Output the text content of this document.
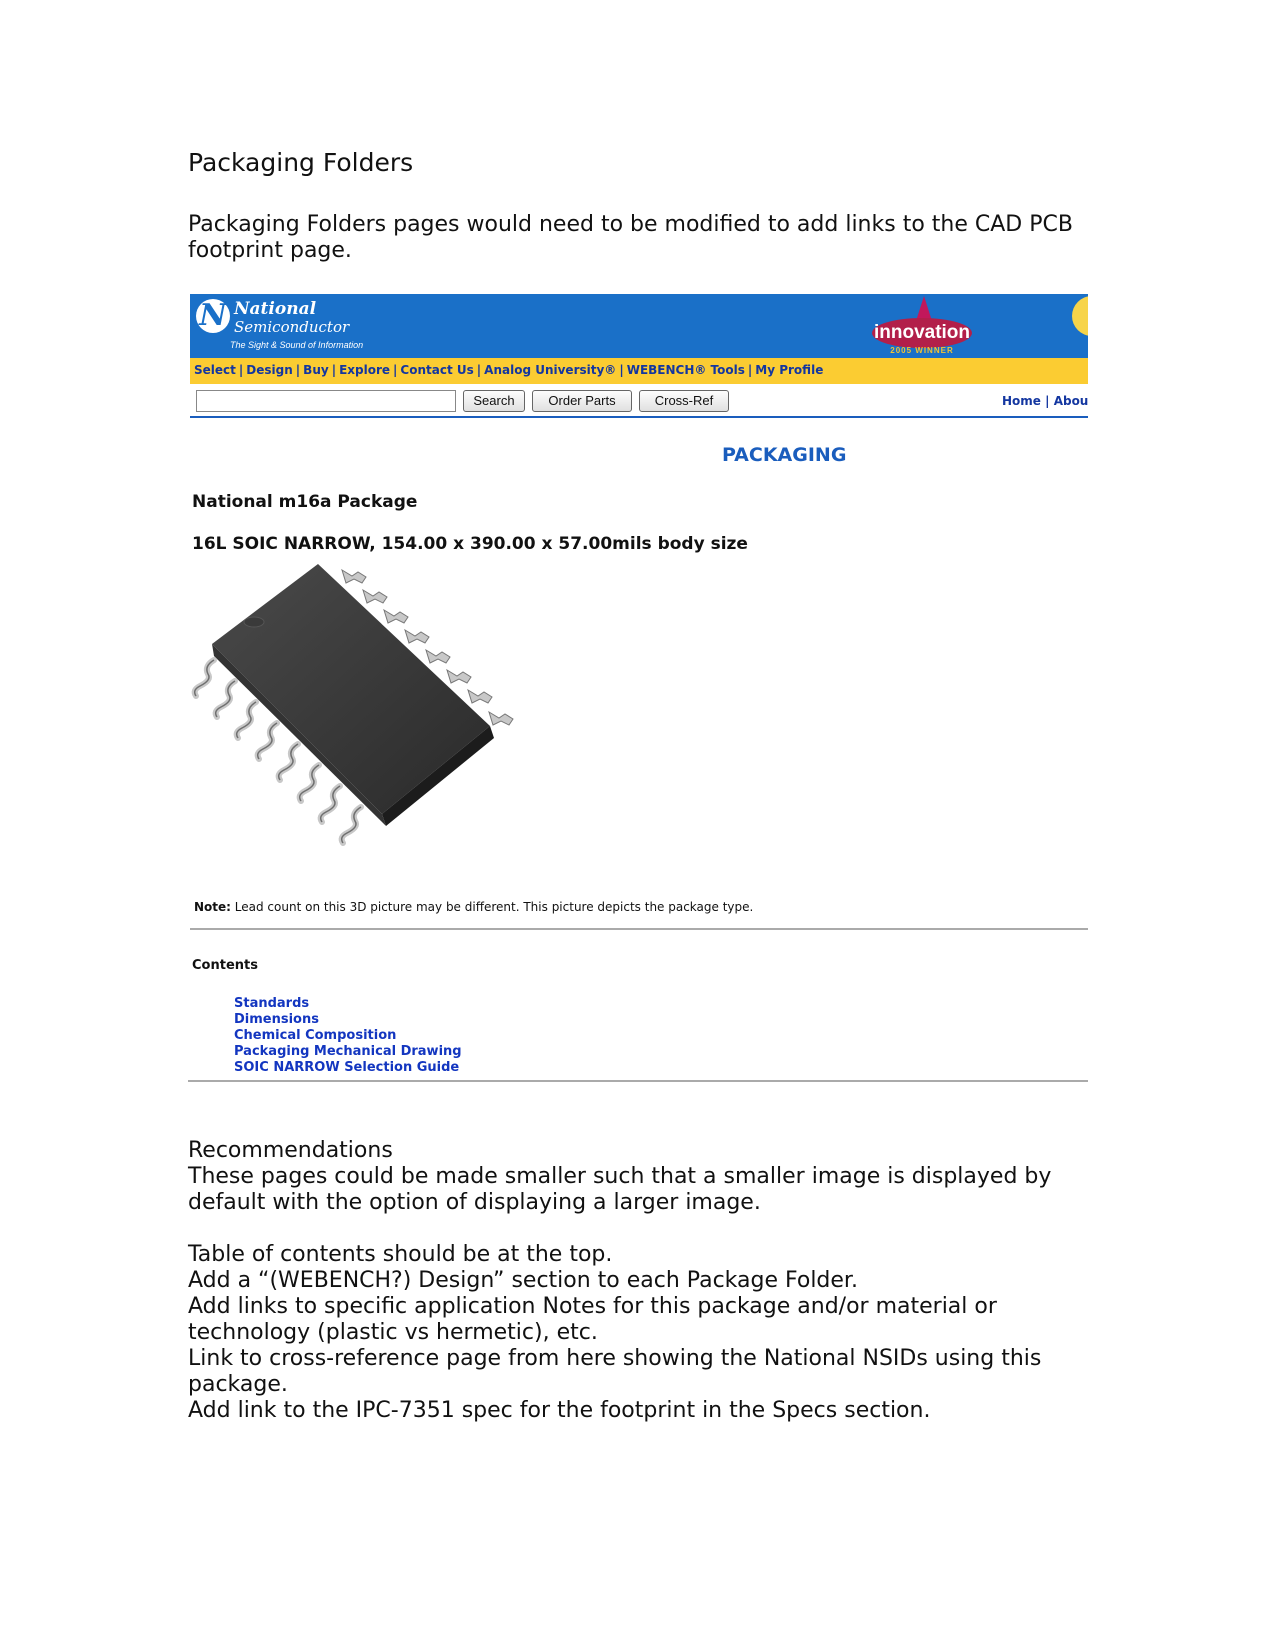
Packaging Folders
Packaging Folders pages would need to be modified to add links to the CAD PCB footprint page.
N National
Semiconductor
The Sight & Sound of Information
innovation
2005 WINNER
Select | Design | Buy | Explore | Contact Us | Analog University® | WEBENCH® Tools | My Profile
Search	Order Parts	Cross-Ref	Home | Abou
PACKAGING
National m16a Package
16L SOIC NARROW, 154.00 x 390.00 x 57.00mils body size
Note: Lead count on this 3D picture may be different. This picture depicts the package type.
Contents
Standards
Dimensions
Chemical Composition
Packaging Mechanical Drawing
SOIC NARROW Selection Guide

Recommendations

These pages could be made smaller such that a smaller image is displayed by default with the option of displaying a larger image.

Table of contents should be at the top.

Add a “(WEBENCH?) Design” section to each Package Folder.

Add links to specific application Notes for this package and/or material or technology (plastic vs hermetic), etc.

Link to cross-reference page from here showing the National NSIDs using this package.

Add link to the IPC-7351 spec for the footprint in the Specs section.
